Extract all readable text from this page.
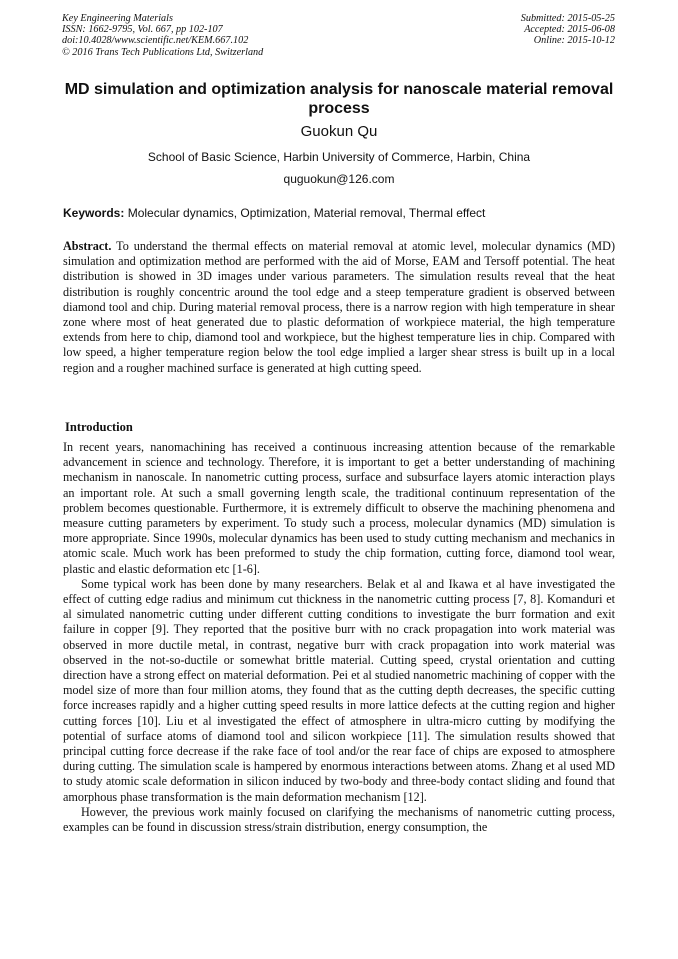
Key Engineering Materials
ISSN: 1662-9795, Vol. 667, pp 102-107
doi:10.4028/www.scientific.net/KEM.667.102
© 2016 Trans Tech Publications Ltd, Switzerland
Submitted: 2015-05-25
Accepted: 2015-06-08
Online: 2015-10-12
MD simulation and optimization analysis for nanoscale material removal process
Guokun Qu
School of Basic Science, Harbin University of Commerce, Harbin, China
quguokun@126.com
Keywords: Molecular dynamics, Optimization, Material removal, Thermal effect
Abstract. To understand the thermal effects on material removal at atomic level, molecular dynamics (MD) simulation and optimization method are performed with the aid of Morse, EAM and Tersoff potential. The heat distribution is showed in 3D images under various parameters. The simulation results reveal that the heat distribution is roughly concentric around the tool edge and a steep temperature gradient is observed between diamond tool and chip. During material removal process, there is a narrow region with high temperature in shear zone where most of heat generated due to plastic deformation of workpiece material, the high temperature extends from here to chip, diamond tool and workpiece, but the highest temperature lies in chip. Compared with low speed, a higher temperature region below the tool edge implied a larger shear stress is built up in a local region and a rougher machined surface is generated at high cutting speed.
Introduction

In recent years, nanomachining has received a continuous increasing attention because of the remarkable advancement in science and technology. Therefore, it is important to get a better understanding of machining mechanism in nanoscale. In nanometric cutting process, surface and subsurface layers atomic interaction plays an important role. At such a small governing length scale, the traditional continuum representation of the problem becomes questionable. Furthermore, it is extremely difficult to observe the machining phenomena and measure cutting parameters by experiment. To study such a process, molecular dynamics (MD) simulation is more appropriate. Since 1990s, molecular dynamics has been used to study cutting mechanism and mechanics in atomic scale. Much work has been preformed to study the chip formation, cutting force, diamond tool wear, plastic and elastic deformation etc [1-6].

Some typical work has been done by many researchers. Belak et al and Ikawa et al have investigated the effect of cutting edge radius and minimum cut thickness in the nanometric cutting process [7, 8]. Komanduri et al simulated nanometric cutting under different cutting conditions to investigate the burr formation and exit failure in copper [9]. They reported that the positive burr with no crack propagation into work material was observed in more ductile metal, in contrast, negative burr with crack propagation into work material was observed in the not-so-ductile or somewhat brittle material. Cutting speed, crystal orientation and cutting direction have a strong effect on material deformation. Pei et al studied nanometric machining of copper with the model size of more than four million atoms, they found that as the cutting depth decreases, the specific cutting force increases rapidly and a higher cutting speed results in more lattice defects at the cutting region and higher cutting forces [10]. Liu et al investigated the effect of atmosphere in ultra-micro cutting by modifying the potential of surface atoms of diamond tool and silicon workpiece [11]. The simulation results showed that principal cutting force decrease if the rake face of tool and/or the rear face of chips are exposed to atmosphere during cutting. The simulation scale is hampered by enormous interactions between atoms. Zhang et al used MD to study atomic scale deformation in silicon induced by two-body and three-body contact sliding and found that amorphous phase transformation is the main deformation mechanism [12].

However, the previous work mainly focused on clarifying the mechanisms of nanometric cutting process, examples can be found in discussion stress/strain distribution, energy consumption, the
